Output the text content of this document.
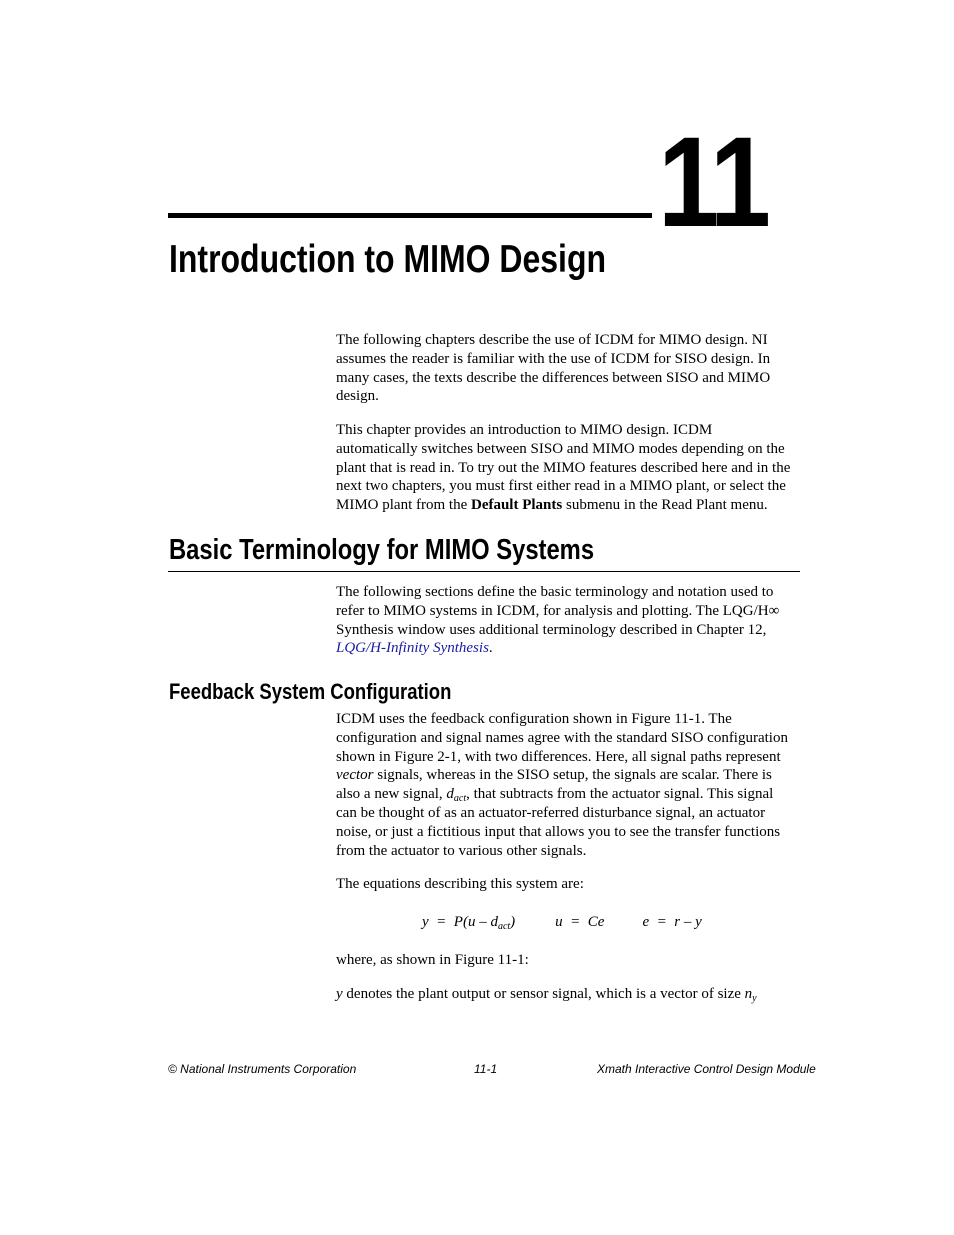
11
Introduction to MIMO Design

The following chapters describe the use of ICDM for MIMO design. NI
assumes the reader is familiar with the use of ICDM for SISO design. In
many cases, the texts describe the differences between SISO and MIMO
design.

This chapter provides an introduction to MIMO design. ICDM
automatically switches between SISO and MIMO modes depending on the
plant that is read in. To try out the MIMO features described here and in the
next two chapters, you must first either read in a MIMO plant, or select the
MIMO plant from the Default Plants submenu in the Read Plant menu.

Basic Terminology for MIMO Systems

The following sections define the basic terminology and notation used to
refer to MIMO systems in ICDM, for analysis and plotting. The LQG/H∞
Synthesis window uses additional terminology described in Chapter 12,
LQG/H-Infinity Synthesis.

Feedback System Configuration

ICDM uses the feedback configuration shown in Figure 11-1. The
configuration and signal names agree with the standard SISO configuration
shown in Figure 2-1, with two differences. Here, all signal paths represent
vector signals, whereas in the SISO setup, the signals are scalar. There is
also a new signal, $d_{act}$, that subtracts from the actuator signal. This signal
can be thought of as an actuator-referred disturbance signal, an actuator
noise, or just a fictitious input that allows you to see the transfer functions
from the actuator to various other signals.

The equations describing this system are:

$y = P(u - d_{act})$	u  =  Ce	e  =  r – y

where, as shown in Figure 11-1:

y denotes the plant output or sensor signal, which is a vector of size $n_y$

© National Instruments Corporation	11-1	Xmath Interactive Control Design Module
